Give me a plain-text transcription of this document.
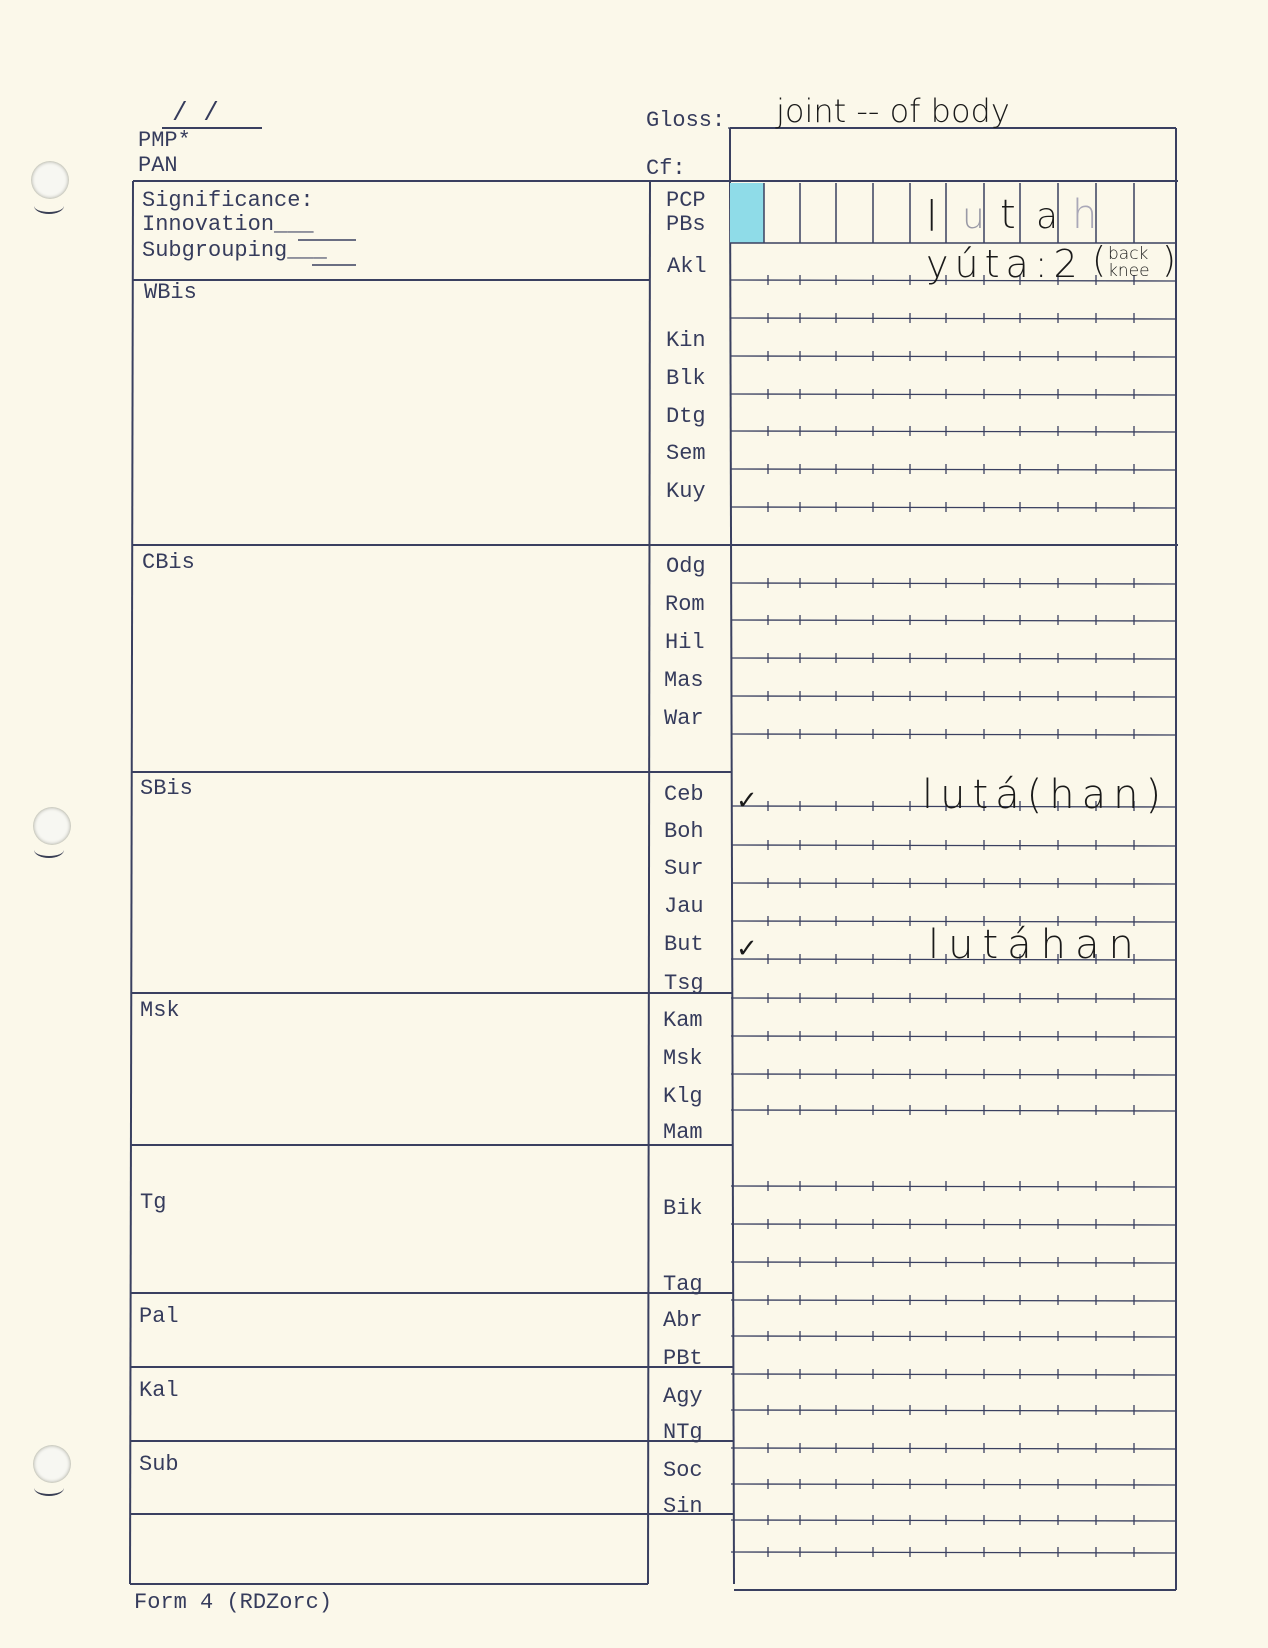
/ /
PMP*
PAN
Gloss: joint -- of body
Cf:
Significance:
Innovation___
Subgrouping___
WBis
CBis
SBis
Msk
Tg
Pal
Kal
Sub
PCP
PBs
Akl
Kin
Blk
Dtg
Sem
Kuy
Odg
Rom
Hil
Mas
War
Ceb
Boh
Sur
Jau
But
Tsg
Kam
Msk
Klg
Mam
Bik
Tag
Abr
PBt
Agy
NTg
Soc
Sin
l u t a h
yúta:2 ( back
knee )
✓	lutá(han)
✓	lutáhan
Form 4 (RDZorc)
